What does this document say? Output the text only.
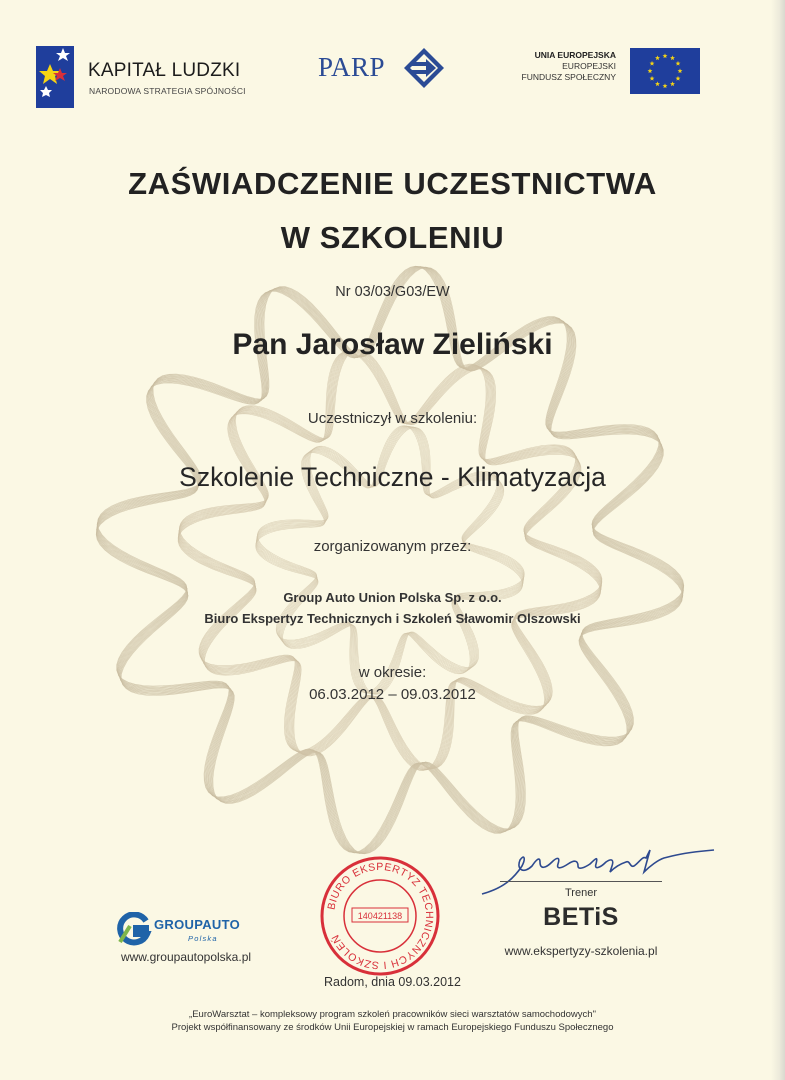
KAPITAŁ LUDZKI
NARODOWA STRATEGIA SPÓJNOŚCI
PARP	UNIA EUROPEJSKA
EUROPEJSKI
FUNDUSZ SPOŁECZNY
ZAŚWIADCZENIE UCZESTNICTWA
W SZKOLENIU
Nr 03/03/G03/EW
Pan Jarosław Zieliński
Uczestniczył w szkoleniu:
Szkolenie Techniczne - Klimatyzacja
zorganizowanym przez:
Group Auto Union Polska Sp. z o.o.
Biuro Ekspertyz Technicznych i Szkoleń Sławomir Olszowski
w okresie:
06.03.2012 – 09.03.2012
GROUPAUTO
Polska
www.groupautopolska.pl
BIURO EKSPERTYZ TECHNICZNYCH I SZKOLEŃ
140421138
Trener
BETiS
www.ekspertyzy-szkolenia.pl
Radom, dnia 09.03.2012
„EuroWarsztat – kompleksowy program szkoleń pracowników sieci warsztatów samochodowych"
Projekt współfinansowany ze środków Unii Europejskiej w ramach Europejskiego Funduszu Społecznego
